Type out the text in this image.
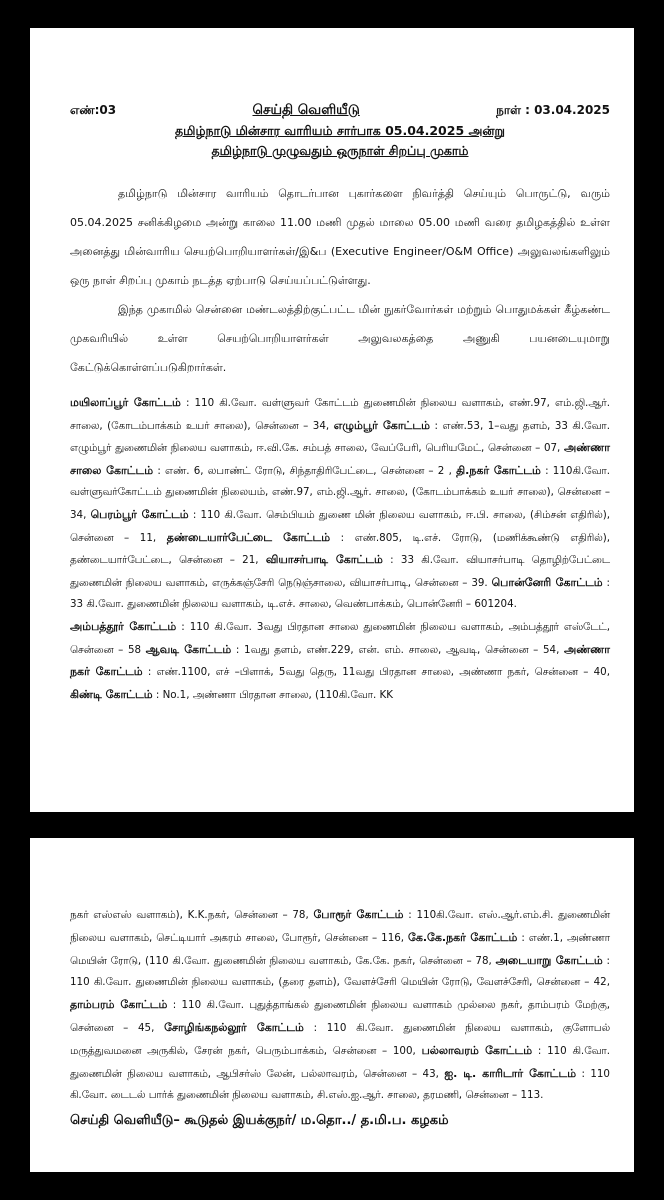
எண்:03	செய்தி வெளியீடு	நாள் : 03.04.2025
தமிழ்நாடு மின்சார வாரியம் சார்பாக 05.04.2025 அன்று
தமிழ்நாடு முழுவதும் ஒருநாள் சிறப்பு முகாம்
தமிழ்நாடு மின்சார வாரியம் தொடர்பான புகார்களை நிவர்த்தி செய்யும் பொருட்டு, வரும் 05.04.2025 சனிக்கிழமை அன்று காலை 11.00 மணி முதல் மாலை 05.00 மணி வரை தமிழகத்தில் உள்ள அனைத்து மின்வாரிய செயற்பொறியாளர்கள்/இ&ப (Executive Engineer/O&M Office) அலுவலங்களிலும் ஒரு நாள் சிறப்பு முகாம் நடத்த ஏற்பாடு செய்யப்பட்டுள்ளது.
இந்த முகாமில் சென்னை மண்டலத்திற்குட்பட்ட மின் நுகர்வோர்கள் மற்றும் பொதுமக்கள் கீழ்கண்ட முகவரியில் உள்ள செயற்பொறியாளர்கள் அலுவலகத்தை அணுகி பயனடையுமாறு கேட்டுக்கொள்ளப்படுகிறார்கள்.
மயிலாப்பூர் கோட்டம் : 110 கி.வோ. வள்ளுவர் கோட்டம் துணைமின் நிலைய வளாகம், எண்.97, எம்.ஜி.ஆர். சாலை, (கோடம்பாக்கம் உயர் சாலை), சென்னை – 34, எழும்பூர் கோட்டம் : எண்.53, 1–வது தளம், 33 கி.வோ. எழும்பூர் துணைமின் நிலைய வளாகம், ஈ.வி.கே. சம்பத் சாலை, வேப்பேரி, பெரியமேட், சென்னை – 07, அண்ணா சாலை கோட்டம் : எண். 6, லபாண்ட் ரோடு, சிந்தாதிரிபேட்டை, சென்னை – 2 , தி.நகர் கோட்டம் : 110கி.வோ. வள்ளுவர்கோட்டம் துணைமின் நிலையம், எண்.97, எம்.ஜி.ஆர். சாலை, (கோடம்பாக்கம் உயர் சாலை), சென்னை – 34, பெரம்பூர் கோட்டம் : 110 கி.வோ. செம்பியம் துணை மின் நிலைய வளாகம், ஈ.பி. சாலை, (சிம்சன் எதிரில்), சென்னை – 11, தண்டையார்பேட்டை கோட்டம் : எண்.805, டி.எச். ரோடு, (மணிக்கூண்டு எதிரில்), தண்டையார்பேட்டை, சென்னை – 21, வியாசர்பாடி கோட்டம் : 33 கி.வோ. வியாசர்பாடி தொழிற்பேட்டை துணைமின் நிலைய வளாகம், எருக்கஞ்சேரி நெடுஞ்சாலை, வியாசர்பாடி, சென்னை – 39. பொன்னேரி கோட்டம் : 33 கி.வோ. துணைமின் நிலைய வளாகம், டி.எச். சாலை, வெண்பாக்கம், பொன்னேரி – 601204.
அம்பத்தூர் கோட்டம் : 110 கி.வோ. 3வது பிரதான சாலை துணைமின் நிலைய வளாகம், அம்பத்தூர் எஸ்டேட், சென்னை – 58 ஆவடி கோட்டம் : 1வது தளம், எண்.229, என். எம். சாலை, ஆவடி, சென்னை – 54, அண்ணா நகர் கோட்டம் : எண்.1100, எச் –பிளாக், 5வது தெரு, 11வது பிரதான சாலை, அண்ணா நகர், சென்னை – 40, கிண்டி கோட்டம் : No.1, அண்ணா பிரதான சாலை, (110கி.வோ. KK
நகர் எஸ்எஸ் வளாகம்), K.K.நகர், சென்னை – 78, போரூர் கோட்டம் : 110கி.வோ. எஸ்.ஆர்.எம்.சி. துணைமின் நிலைய வளாகம், செட்டியார் அகரம் சாலை, போரூர், சென்னை – 116, கே.கே.நகர் கோட்டம் : எண்.1, அண்ணா மெயின் ரோடு, (110 கி.வோ. துணைமின் நிலைய வளாகம், கே.கே. நகர், சென்னை – 78, அடையாறு கோட்டம் : 110 கி.வோ. துணைமின் நிலைய வளாகம், (தரை தளம்), வேளச்சேரி மெயின் ரோடு, வேளச்சேரி, சென்னை – 42, தாம்பரம் கோட்டம் : 110 கி.வோ. புதுத்தாங்கல் துணைமின் நிலைய வளாகம் முல்லை நகர், தாம்பரம் மேற்கு, சென்னை – 45, சோழிங்கநல்லூர் கோட்டம் : 110 கி.வோ. துணைமின் நிலைய வளாகம், குளோபல் மருத்துவமனை அருகில், சேரன் நகர், பெரும்பாக்கம், சென்னை – 100, பல்லாவரம் கோட்டம் : 110 கி.வோ. துணைமின் நிலைய வளாகம், ஆபிசர்ஸ் லேன், பல்லாவரம், சென்னை – 43, ஐ. டி. காரிடார் கோட்டம் : 110 கி.வோ. டைடல் பார்க் துணைமின் நிலைய வளாகம், சி.எஸ்.ஐ.ஆர். சாலை, தரமணி, சென்னை – 113.
செய்தி வெளியீடு– கூடுதல் இயக்குநர்/ ம.தொ../ த.மி.ப. கழகம்
